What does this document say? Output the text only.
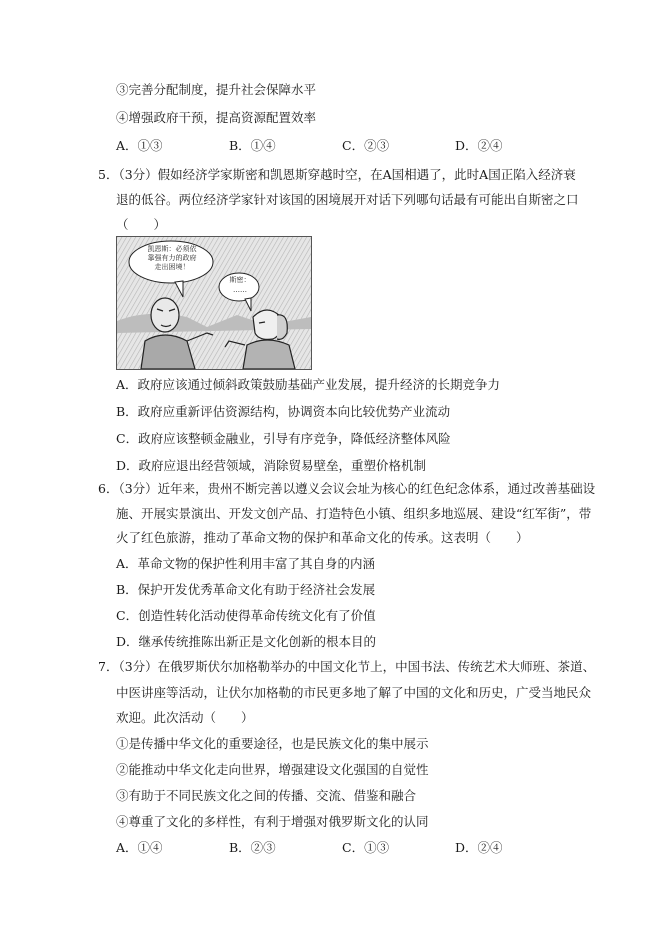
③完善分配制度，提升社会保障水平
④增强政府干预，提高资源配置效率
A．①③	B．①④	C．②③	D．②④
5．（3分）假如经济学家斯密和凯恩斯穿越时空，在A国相遇了，此时A国正陷入经济衰
退的低谷。两位经济学家针对该国的困境展开对话下列哪句话最有可能出自斯密之口
（　　）
凯恩斯：必须依
靠强有力的政府
走出困境！
斯密：
……
A．政府应该通过倾斜政策鼓励基础产业发展，提升经济的长期竞争力
B．政府应重新评估资源结构，协调资本向比较优势产业流动
C．政府应该整顿金融业，引导有序竞争，降低经济整体风险
D．政府应退出经营领域，消除贸易壁垒，重塑价格机制
6．（3分）近年来，贵州不断完善以遵义会议会址为核心的红色纪念体系，通过改善基础设
施、开展实景演出、开发文创产品、打造特色小镇、组织多地巡展、建设“红军街”，带
火了红色旅游，推动了革命文物的保护和革命文化的传承。这表明（　　）
A．革命文物的保护性利用丰富了其自身的内涵
B．保护开发优秀革命文化有助于经济社会发展
C．创造性转化活动使得革命传统文化有了价值
D．继承传统推陈出新正是文化创新的根本目的
7．（3分）在俄罗斯伏尔加格勒举办的中国文化节上，中国书法、传统艺术大师班、茶道、
中医讲座等活动，让伏尔加格勒的市民更多地了解了中国的文化和历史，广受当地民众
欢迎。此次活动（　　）
①是传播中华文化的重要途径，也是民族文化的集中展示
②能推动中华文化走向世界，增强建设文化强国的自觉性
③有助于不同民族文化之间的传播、交流、借鉴和融合
④尊重了文化的多样性，有利于增强对俄罗斯文化的认同
A．①④	B．②③	C．①③	D．②④
